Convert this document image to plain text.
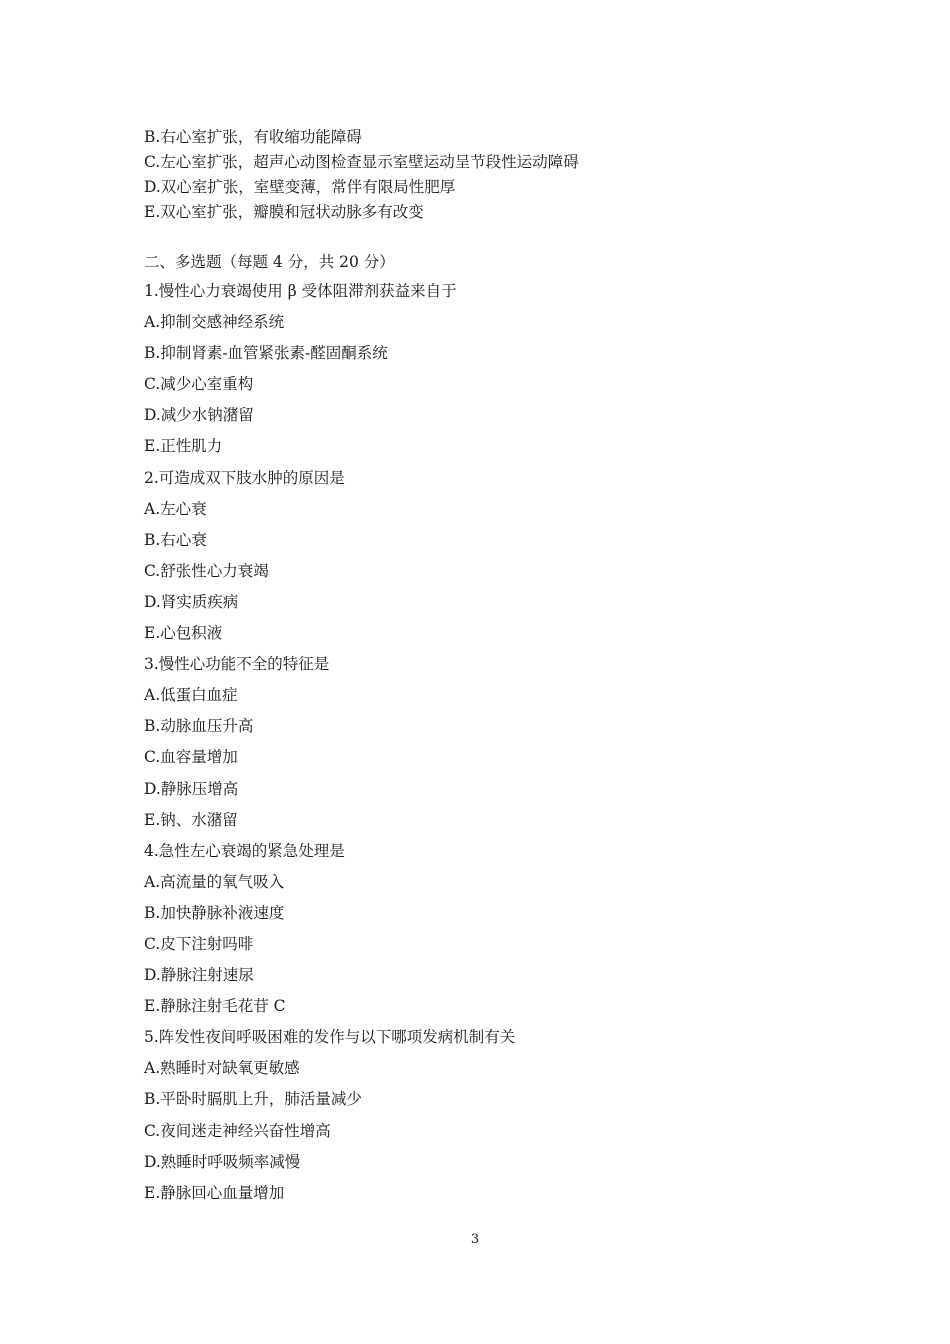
B.右心室扩张，有收缩功能障碍
C.左心室扩张，超声心动图检查显示室壁运动呈节段性运动障碍
D.双心室扩张，室壁变薄，常伴有限局性肥厚
E.双心室扩张，瓣膜和冠状动脉多有改变
二、多选题（每题 4 分，共 20 分）
1.慢性心力衰竭使用 β 受体阻滞剂获益来自于
A.抑制交感神经系统
B.抑制肾素-血管紧张素-醛固酮系统
C.减少心室重构
D.减少水钠潴留
E.正性肌力
2.可造成双下肢水肿的原因是
A.左心衰
B.右心衰
C.舒张性心力衰竭
D.肾实质疾病
E.心包积液
3.慢性心功能不全的特征是
A.低蛋白血症
B.动脉血压升高
C.血容量增加
D.静脉压增高
E.钠、水潴留
4.急性左心衰竭的紧急处理是
A.高流量的氧气吸入
B.加快静脉补液速度
C.皮下注射吗啡
D.静脉注射速尿
E.静脉注射毛花苷 C
5.阵发性夜间呼吸困难的发作与以下哪项发病机制有关
A.熟睡时对缺氧更敏感
B.平卧时膈肌上升，肺活量减少
C.夜间迷走神经兴奋性增高
D.熟睡时呼吸频率减慢
E.静脉回心血量增加
3
